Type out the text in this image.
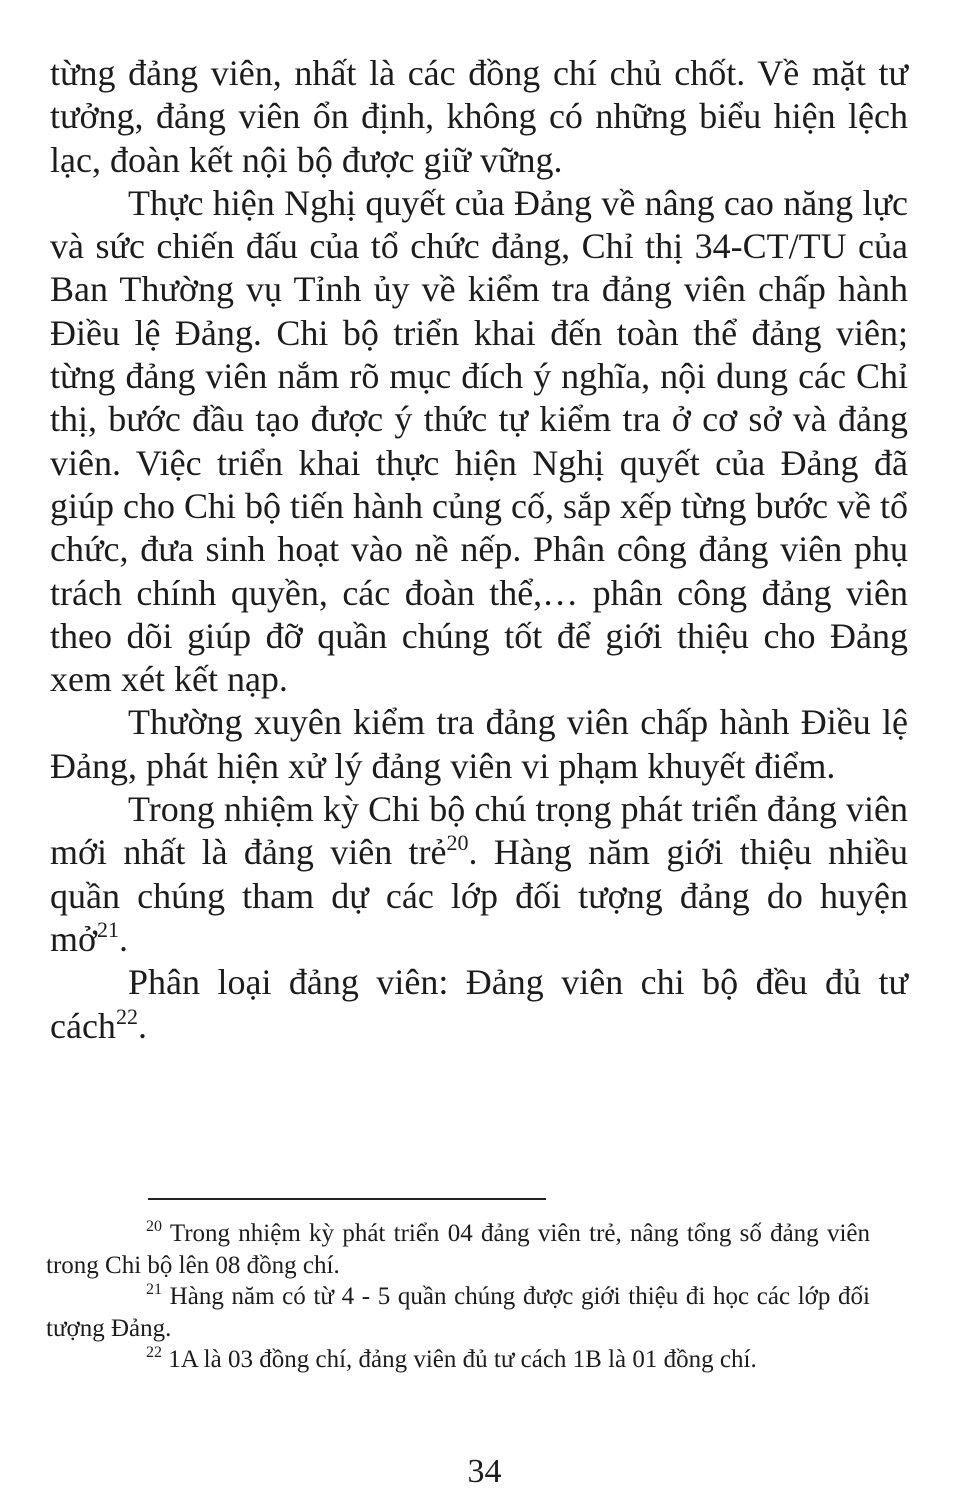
từng đảng viên, nhất là các đồng chí chủ chốt. Về mặt tư tưởng, đảng viên ổn định, không có những biểu hiện lệch lạc, đoàn kết nội bộ được giữ vững.

Thực hiện Nghị quyết của Đảng về nâng cao năng lực và sức chiến đấu của tổ chức đảng, Chỉ thị 34-CT/TU của Ban Thường vụ Tỉnh ủy về kiểm tra đảng viên chấp hành Điều lệ Đảng. Chi bộ triển khai đến toàn thể đảng viên; từng đảng viên nắm rõ mục đích ý nghĩa, nội dung các Chỉ thị, bước đầu tạo được ý thức tự kiểm tra ở cơ sở và đảng viên. Việc triển khai thực hiện Nghị quyết của Đảng đã giúp cho Chi bộ tiến hành củng cố, sắp xếp từng bước về tổ chức, đưa sinh hoạt vào nề nếp. Phân công đảng viên phụ trách chính quyền, các đoàn thể,… phân công đảng viên theo dõi giúp đỡ quần chúng tốt để giới thiệu cho Đảng xem xét kết nạp.

Thường xuyên kiểm tra đảng viên chấp hành Điều lệ Đảng, phát hiện xử lý đảng viên vi phạm khuyết điểm.

Trong nhiệm kỳ Chi bộ chú trọng phát triển đảng viên mới nhất là đảng viên trẻ$^{20}$. Hàng năm giới thiệu nhiều quần chúng tham dự các lớp đối tượng đảng do huyện mở$^{21}$.

Phân loại đảng viên: Đảng viên chi bộ đều đủ tư cách$^{22}$.

$^{20}$ Trong nhiệm kỳ phát triển 04 đảng viên trẻ, nâng tổng số đảng viên trong Chi bộ lên 08 đồng chí.

$^{21}$ Hàng năm có từ 4 - 5 quần chúng được giới thiệu đi học các lớp đối tượng Đảng.

$^{22}$ 1A là 03 đồng chí, đảng viên đủ tư cách 1B là 01 đồng chí.

34
